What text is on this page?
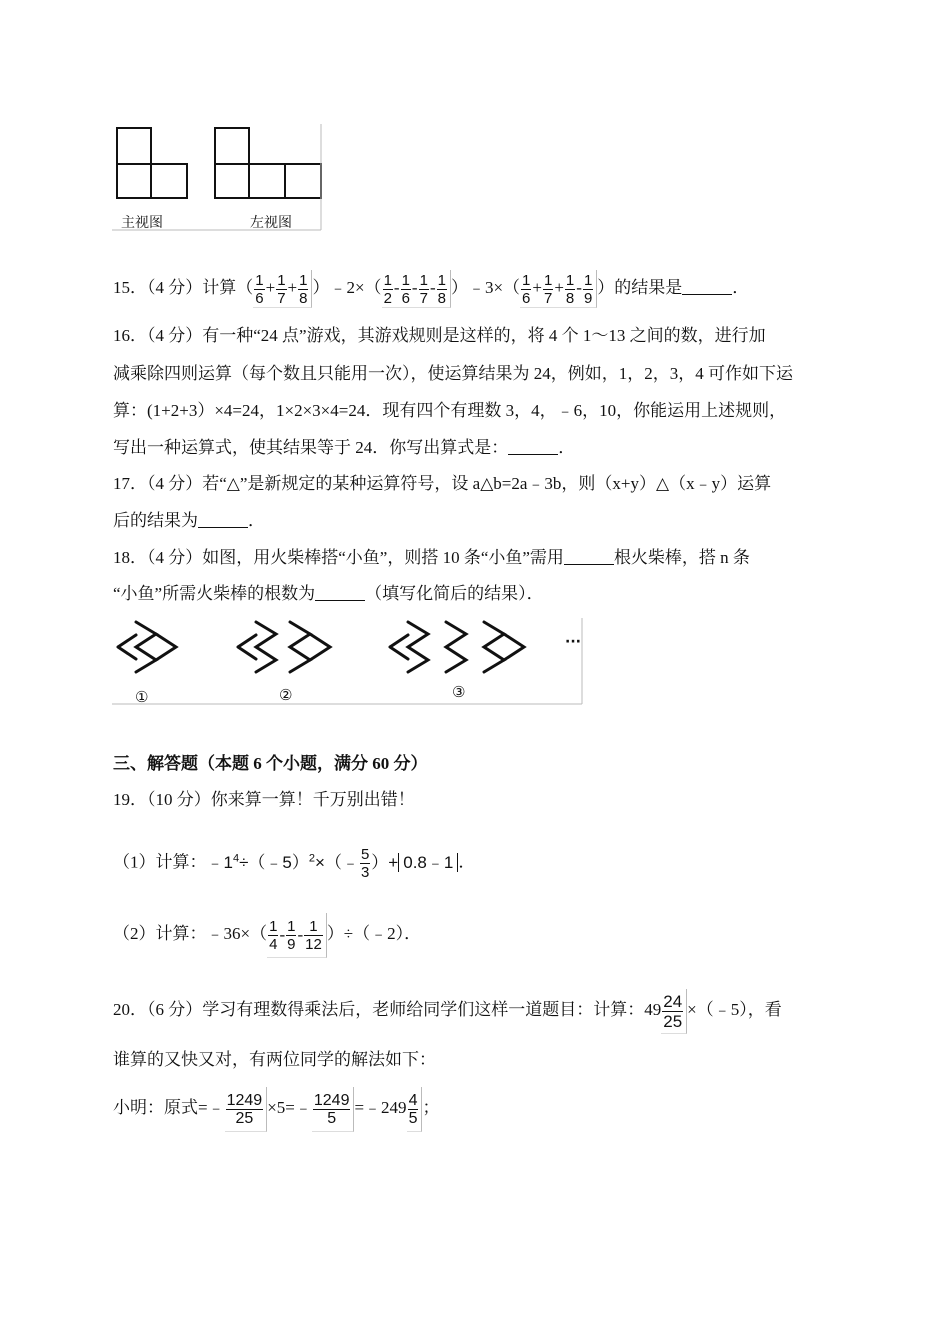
主视图	左视图
15．（4 分）计算（ $\frac{1}{6} + \frac{1}{7} + \frac{1}{8}$ ）﹣2×（ $\frac{1}{2} - \frac{1}{6} - \frac{1}{7} - \frac{1}{8}$ ）﹣3×（ $\frac{1}{6} + \frac{1}{7} + \frac{1}{8} - \frac{1}{9}$ ）的结果是	．
16．（4 分）有一种“24 点”游戏，其游戏规则是这样的，将 4 个 1～13 之间的数，进行加
减乘除四则运算（每个数且只能用一次），使运算结果为 24，例如，1，2，3，4 可作如下运
算：(1+2+3）×4=24，1×2×3×4=24．现有四个有理数 3，4，﹣6，10，你能运用上述规则，
写出一种运算式，使其结果等于 24．你写出算式是：	．
17．（4 分）若“△”是新规定的某种运算符号，设 a△b=2a﹣3b，则（x+y）△（x﹣y）运算
后的结果为	．
18．（4 分）如图，用火柴棒搭“小鱼”，则搭 10 条“小鱼”需用	根火柴棒，搭 n 条
“小鱼”所需火柴棒的根数为	（填写化简后的结果）．
①	②	③
···
三、解答题（本题 6 个小题，满分 60 分）
19．（10 分）你来算一算！千万别出错！
（1）计算：$﹣1^4\div(﹣5)^2\times(﹣ \frac{5}{3}$ ）+ 0.8﹣1 ．
（2）计算：﹣36×（ $\frac{1}{4} - \frac{1}{9} - \frac{1}{12}$ ）÷（﹣2）．
20．（6 分）学习有理数得乘法后，老师给同学们这样一道题目：计算：$49 \frac{24}{25}$ ×（﹣5），看
谁算的又快又对，有两位同学的解法如下：
小明：原式=﹣ $\frac{1249}{25}$ ×5=﹣ $\frac{1249}{5}$ =﹣249 $\frac{4}{5}$ ；
